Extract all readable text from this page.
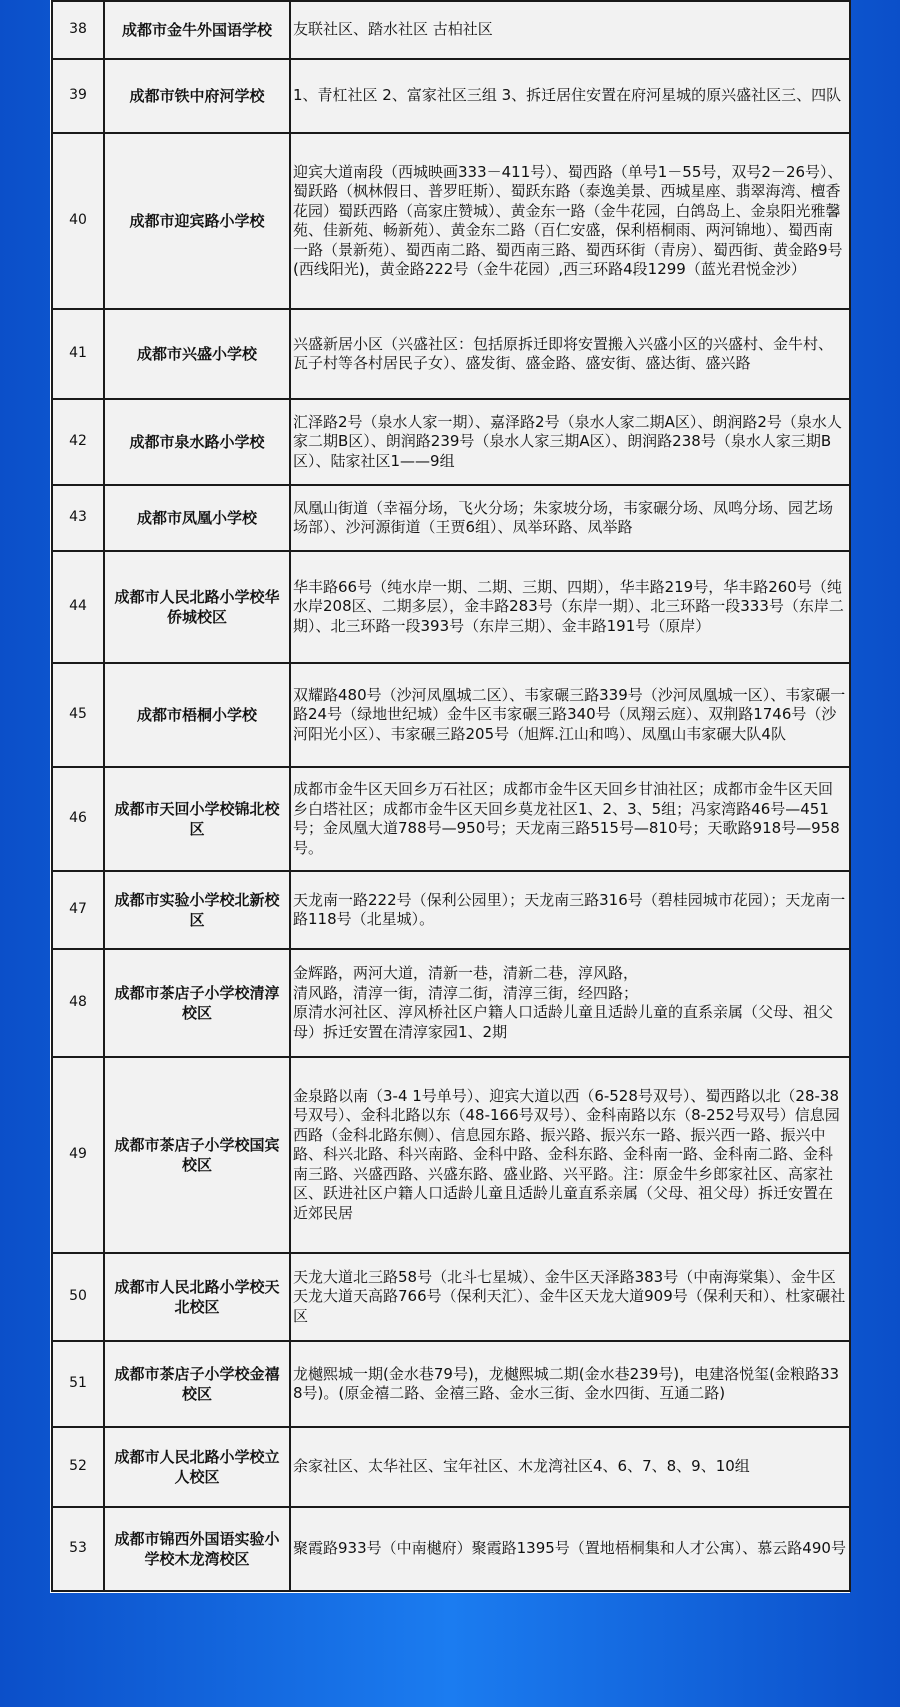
38	成都市金牛外国语学校	友联社区、踏水社区 古柏社区
39	成都市铁中府河学校	1、青杠社区 2、富家社区三组 3、拆迁居住安置在府河星城的原兴盛社区三、四队
40	成都市迎宾路小学校	迎宾大道南段（西城映画333－411号）、蜀西路（单号1－55号，双号2－26号）、蜀跃路（枫林假日、普罗旺斯）、蜀跃东路（泰逸美景、西城星座、翡翠海湾、檀香花园）蜀跃西路（高家庄赞城）、黄金东一路（金牛花园，白鸽岛上、金泉阳光雅馨苑、佳新苑、畅新苑）、黄金东二路（百仁安盛，保利梧桐雨、两河锦地）、蜀西南一路（景新苑）、蜀西南二路、蜀西南三路、蜀西环街（青房）、蜀西街、黄金路9号(西线阳光)，黄金路222号（金牛花园）,西三环路4段1299（蓝光君悦金沙）
41	成都市兴盛小学校	兴盛新居小区（兴盛社区：包括原拆迁即将安置搬入兴盛小区的兴盛村、金牛村、瓦子村等各村居民子女）、盛发街、盛金路、盛安街、盛达街、盛兴路
42	成都市泉水路小学校	汇泽路2号（泉水人家一期）、嘉泽路2号（泉水人家二期A区）、朗润路2号（泉水人家二期B区）、朗润路239号（泉水人家三期A区）、朗润路238号（泉水人家三期B区）、陆家社区1——9组
43	成都市凤凰小学校	凤凰山街道（幸福分场，飞火分场；朱家坡分场，韦家碾分场、凤鸣分场、园艺场场部）、沙河源街道（王贾6组）、凤举环路、凤举路
44	成都市人民北路小学校华侨城校区	华丰路66号（纯水岸一期、二期、三期、四期），华丰路219号，华丰路260号（纯水岸208区、二期多层），金丰路283号（东岸一期）、北三环路一段333号（东岸二期）、北三环路一段393号（东岸三期）、金丰路191号（原岸）
45	成都市梧桐小学校	双耀路480号（沙河凤凰城二区）、韦家碾三路339号（沙河凤凰城一区）、韦家碾一路24号（绿地世纪城）金牛区韦家碾三路340号（凤翔云庭）、双荆路1746号（沙河阳光小区）、韦家碾三路205号（旭辉.江山和鸣）、凤凰山韦家碾大队4队
46	成都市天回小学校锦北校区	成都市金牛区天回乡万石社区；成都市金牛区天回乡甘油社区；成都市金牛区天回乡白塔社区；成都市金牛区天回乡莫龙社区1、2、3、5组；冯家湾路46号—451号；金凤凰大道788号—950号；天龙南三路515号—810号；天歌路918号—958号。
47	成都市实验小学校北新校区	天龙南一路222号（保利公园里）；天龙南三路316号（碧桂园城市花园）；天龙南一路118号（北星城）。
48	成都市茶店子小学校清淳校区	金辉路，两河大道，清新一巷，清新二巷，淳风路，
清风路，清淳一街，清淳二街，清淳三街，经四路；
原清水河社区、淳风桥社区户籍人口适龄儿童且适龄儿童的直系亲属（父母、祖父母）拆迁安置在清淳家园1、2期
49	成都市茶店子小学校国宾校区	金泉路以南（3-4 1号单号）、迎宾大道以西（6-528号双号）、蜀西路以北（28-38号双号）、金科北路以东（48-166号双号）、金科南路以东（8-252号双号）信息园西路（金科北路东侧）、信息园东路、振兴路、振兴东一路、振兴西一路、振兴中路、科兴北路、科兴南路、金科中路、金科东路、金科南一路、金科南二路、金科南三路、兴盛西路、兴盛东路、盛业路、兴平路。注：原金牛乡郎家社区、高家社区、跃进社区户籍人口适龄儿童且适龄儿童直系亲属（父母、祖父母）拆迁安置在近郊民居
50	成都市人民北路小学校天北校区	天龙大道北三路58号（北斗七星城）、金牛区天泽路383号（中南海棠集）、金牛区天龙大道天高路766号（保利天汇）、金牛区天龙大道909号（保利天和）、杜家碾社区
51	成都市茶店子小学校金禧校区	龙樾熙城一期(金水巷79号)，龙樾熙城二期(金水巷239号)，电建洛悦玺(金粮路338号)。(原金禧二路、金禧三路、金水三街、金水四街、互通二路)
52	成都市人民北路小学校立人校区	余家社区、太华社区、宝年社区、木龙湾社区4、6、7、8、9、10组
53	成都市锦西外国语实验小学校木龙湾校区	聚霞路933号（中南樾府）聚霞路1395号（置地梧桐集和人才公寓）、慕云路490号
